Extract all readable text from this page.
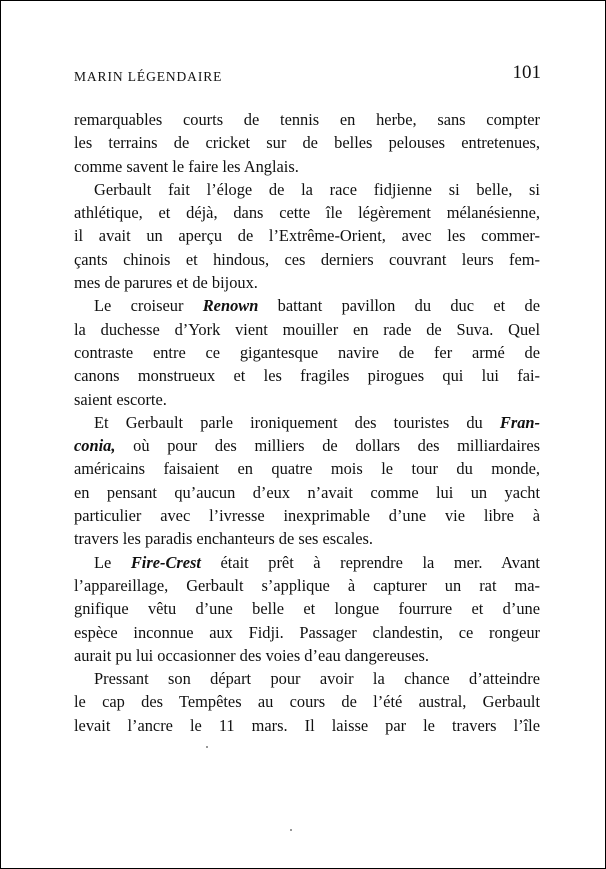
MARIN LÉGENDAIRE	101
remarquables courts de tennis en herbe, sans compter
les terrains de cricket sur de belles pelouses entretenues,
comme savent le faire les Anglais.
Gerbault fait l’éloge de la race fidjienne si belle, si
athlétique, et déjà, dans cette île légèrement mélanésienne,
il avait un aperçu de l’Extrême-Orient, avec les commer-
çants chinois et hindous, ces derniers couvrant leurs fem-
mes de parures et de bijoux.
Le croiseur Renown battant pavillon du duc et de
la duchesse d’York vient mouiller en rade de Suva. Quel
contraste entre ce gigantesque navire de fer armé de
canons monstrueux et les fragiles pirogues qui lui fai-
saient escorte.
Et Gerbault parle ironiquement des touristes du Fran-
conia, où pour des milliers de dollars des milliardaires
américains faisaient en quatre mois le tour du monde,
en pensant qu’aucun d’eux n’avait comme lui un yacht
particulier avec l’ivresse inexprimable d’une vie libre à
travers les paradis enchanteurs de ses escales.
Le Fire-Crest était prêt à reprendre la mer. Avant
l’appareillage, Gerbault s’applique à capturer un rat ma-
gnifique vêtu d’une belle et longue fourrure et d’une
espèce inconnue aux Fidji. Passager clandestin, ce rongeur
aurait pu lui occasionner des voies d’eau dangereuses.
Pressant son départ pour avoir la chance d’atteindre
le cap des Tempêtes au cours de l’été austral, Gerbault
levait l’ancre le 11 mars. Il laisse par le travers l’île
